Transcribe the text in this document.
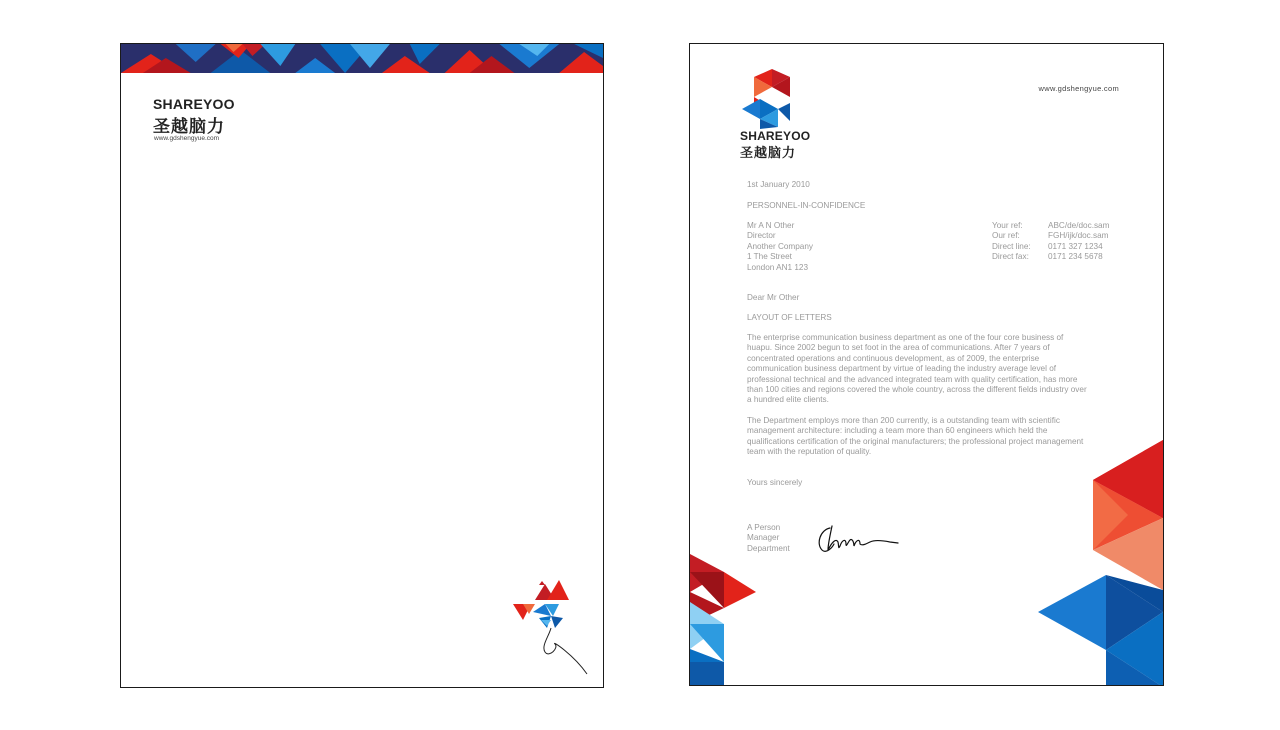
SHAREYOO
圣越脑力
www.gdshengyue.com	SHAREYOO
圣越脑力
www.gdshengyue.com
1st January 2010
PERSONNEL-IN-CONFIDENCE
Mr A N Other
Director
Another Company
1 The Street
London AN1 123
Your ref:	ABC/de/doc.sam
Our ref:	FGH/ijk/doc.sam
Direct line:	0171 327 1234
Direct fax:	0171 234 5678
Dear Mr Other
LAYOUT OF LETTERS
The enterprise communication business department as one of the four core business of
huapu. Since 2002 begun to set foot in the area of communications. After 7 years of
concentrated operations and continuous development, as of 2009, the enterprise
communication business department by virtue of leading the industry average level of
professional technical and the advanced integrated team with quality certification, has more
than 100 cities and regions covered the whole country, across the different fields industry over
a hundred elite clients.
The Department employs more than 200 currently, is a outstanding team with scientific
management architecture: including a team more than 60 engineers which held the
qualifications certification of the original manufacturers; the professional project management
team with the reputation of quality.
Yours sincerely
A Person
Manager
Department
